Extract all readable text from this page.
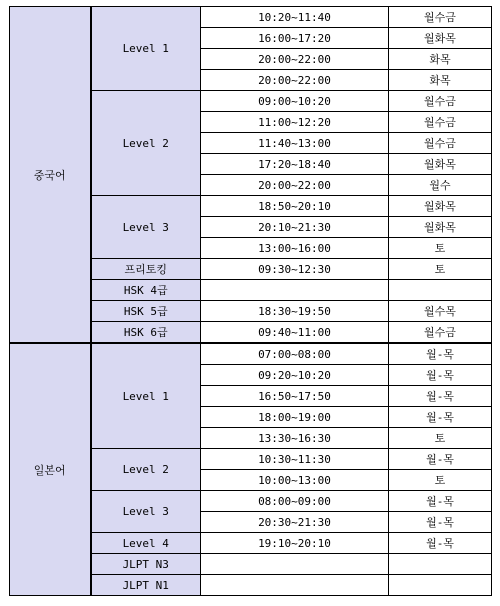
중국어	Level 1	10:20~11:40	월수금
		16:00~17:20	월화목
		20:00~22:00	화목
		20:00~22:00	화목
	Level 2	09:00~10:20	월수금
		11:00~12:20	월수금
		11:40~13:00	월수금
		17:20~18:40	월화목
		20:00~22:00	월수
	Level 3	18:50~20:10	월화목
		20:10~21:30	월화목
		13:00~16:00	토
	프리토킹	09:30~12:30	토
	HSK 4급		
	HSK 5급	18:30~19:50	월수목
	HSK 6급	09:40~11:00	월수금
일본어	Level 1	07:00~08:00	월-목
		09:20~10:20	월-목
		16:50~17:50	월-목
		18:00~19:00	월-목
		13:30~16:30	토
	Level 2	10:30~11:30	월-목
		10:00~13:00	토
	Level 3	08:00~09:00	월-목
		20:30~21:30	월-목
	Level 4	19:10~20:10	월-목
	JLPT N3		
	JLPT N1		
